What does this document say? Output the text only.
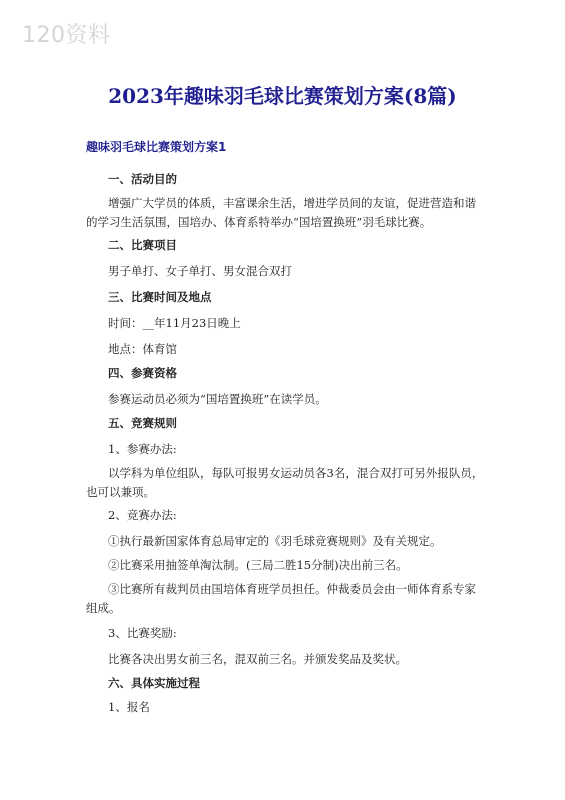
120资料
2023年趣味羽毛球比赛策划方案(8篇)
趣味羽毛球比赛策划方案1
一、活动目的
增强广大学员的体质，丰富课余生活，增进学员间的友谊，促进营造和谐的学习生活氛围，国培办、体育系特举办“国培置换班”羽毛球比赛。
二、比赛项目
男子单打、女子单打、男女混合双打
三、比赛时间及地点
时间：__年11月23日晚上
地点：体育馆
四、参赛资格
参赛运动员必须为“国培置换班”在读学员。
五、竞赛规则
1、参赛办法:
以学科为单位组队，每队可报男女运动员各3名，混合双打可另外报队员，也可以兼项。
2、竞赛办法:
①执行最新国家体育总局审定的《羽毛球竞赛规则》及有关规定。
②比赛采用抽签单淘汰制。(三局二胜15分制)决出前三名。
③比赛所有裁判员由国培体育班学员担任。仲裁委员会由一师体育系专家组成。
3、比赛奖励:
比赛各决出男女前三名，混双前三名。并颁发奖品及奖状。
六、具体实施过程
1、报名
